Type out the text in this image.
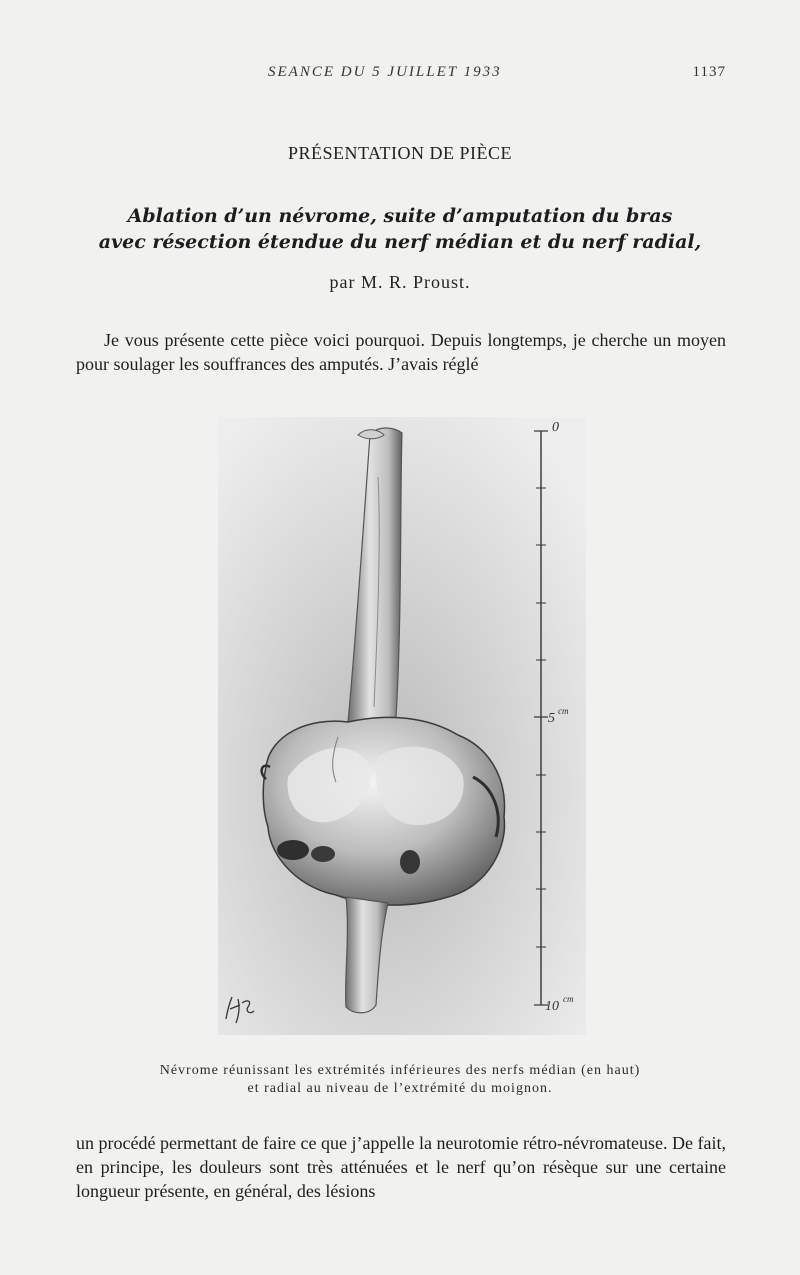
SEANCE DU 5 JUILLET 1933	1137
PRÉSENTATION DE PIÈCE
Ablation d’un névrome, suite d’amputation du bras
avec résection étendue du nerf médian et du nerf radial,
par M. R. Proust.
Je vous présente cette pièce voici pourquoi. Depuis longtemps, je cherche un moyen pour soulager les souffrances des amputés. J’avais réglé
0
5 cm
10 cm
Névrome réunissant les extrémités inférieures des nerfs médian (en haut)
et radial au niveau de l’extrémité du moignon.
un procédé permettant de faire ce que j’appelle la neurotomie rétro-névromateuse. De fait, en principe, les douleurs sont très atténuées et le nerf qu’on résèque sur une certaine longueur présente, en général, des lésions
